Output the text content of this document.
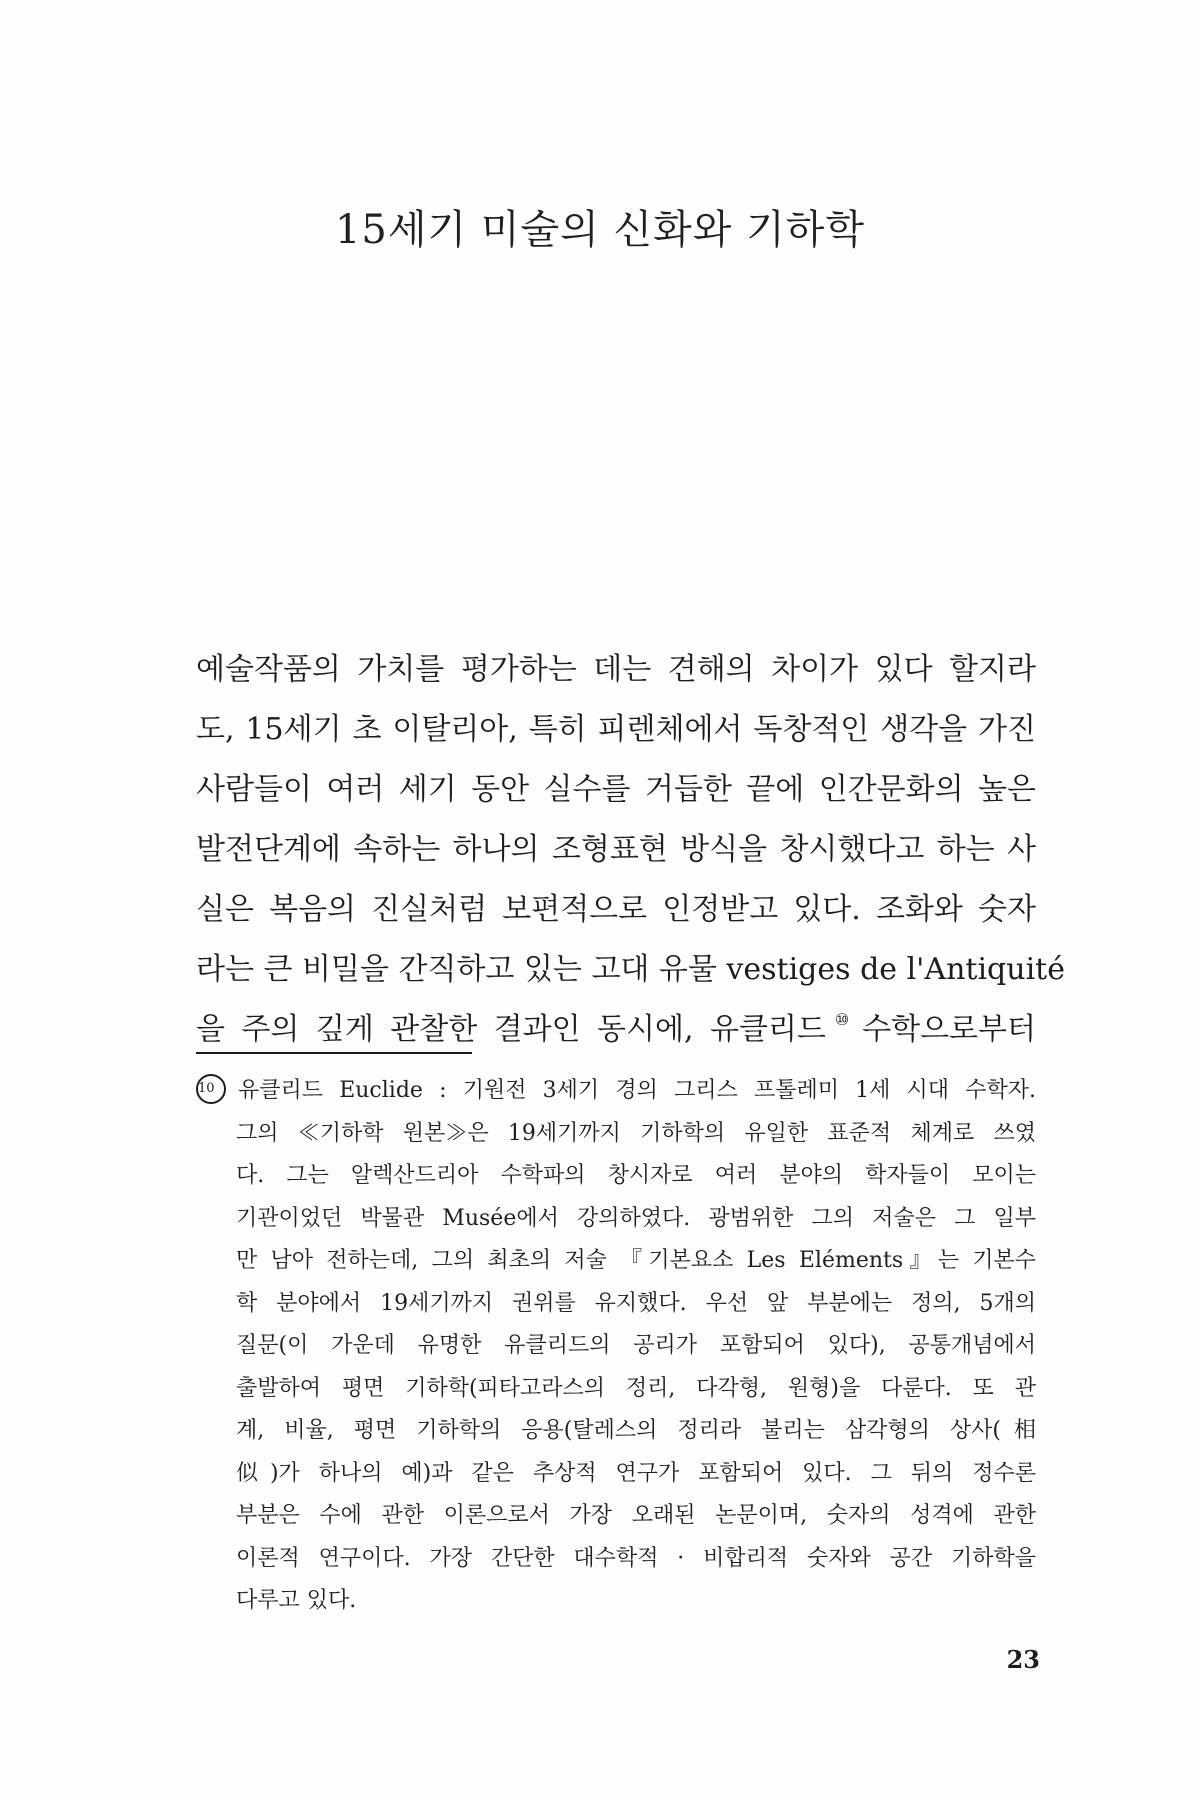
15세기 미술의 신화와 기하학
예술작품의 가치를 평가하는 데는 견해의 차이가 있다 할지라
도, 15세기 초 이탈리아, 특히 피렌체에서 독창적인 생각을 가진
사람들이 여러 세기 동안 실수를 거듭한 끝에 인간문화의 높은
발전단계에 속하는 하나의 조형표현 방식을 창시했다고 하는 사
실은 복음의 진실처럼 보편적으로 인정받고 있다. 조화와 숫자
라는 큰 비밀을 간직하고 있는 고대 유물 vestiges de l'Antiquité
을 주의 깊게 관찰한 결과인 동시에, 유클리드 ⑩ 수학으로부터
10 유클리드 Euclide : 기원전 3세기 경의 그리스 프톨레미 1세 시대 수학자.
그의 ≪기하학 원본≫은 19세기까지 기하학의 유일한 표준적 체계로 쓰였
다. 그는 알렉산드리아 수학파의 창시자로 여러 분야의 학자들이 모이는
기관이었던 박물관 Musée에서 강의하였다. 광범위한 그의 저술은 그 일부
만 남아 전하는데, 그의 최초의 저술 『기본요소 Les Eléments』는 기본수
학 분야에서 19세기까지 권위를 유지했다. 우선 앞 부분에는 정의, 5개의
질문(이 가운데 유명한 유클리드의 공리가 포함되어 있다), 공통개념에서
출발하여 평면 기하학(피타고라스의 정리, 다각형, 원형)을 다룬다. 또 관
계, 비율, 평면 기하학의 응용(탈레스의 정리라 불리는 삼각형의 상사(相
似)가 하나의 예)과 같은 추상적 연구가 포함되어 있다. 그 뒤의 정수론
부분은 수에 관한 이론으로서 가장 오래된 논문이며, 숫자의 성격에 관한
이론적 연구이다. 가장 간단한 대수학적 · 비합리적 숫자와 공간 기하학을
다루고 있다.
23
